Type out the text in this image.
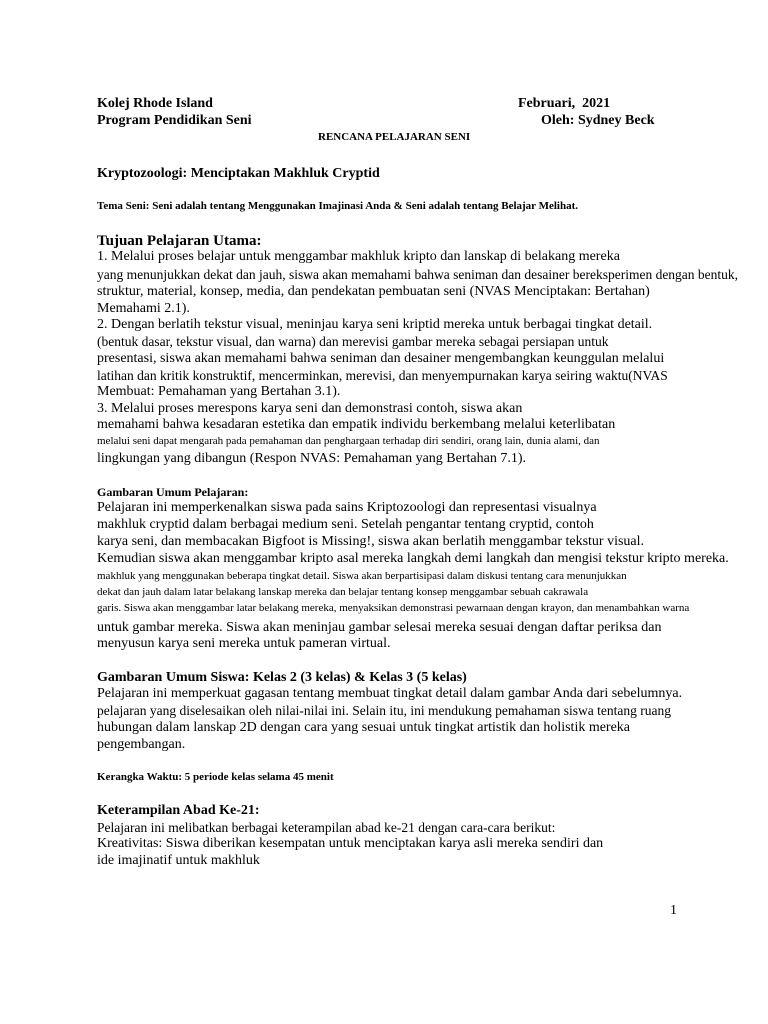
Kolej Rhode Island	Februari,  2021
Program Pendidikan Seni	Oleh: Sydney Beck
RENCANA PELAJARAN SENI
Kryptozoologi: Menciptakan Makhluk Cryptid
Tema Seni: Seni adalah tentang Menggunakan Imajinasi Anda & Seni adalah tentang Belajar Melihat.
Tujuan Pelajaran Utama:
1. Melalui proses belajar untuk menggambar makhluk kripto dan lanskap di belakang mereka
yang menunjukkan dekat dan jauh, siswa akan memahami bahwa seniman dan desainer bereksperimen dengan bentuk,
struktur, material, konsep, media, dan pendekatan pembuatan seni (NVAS Menciptakan: Bertahan)
Memahami 2.1).
2. Dengan berlatih tekstur visual, meninjau karya seni kriptid mereka untuk berbagai tingkat detail.
(bentuk dasar, tekstur visual, dan warna) dan merevisi gambar mereka sebagai persiapan untuk
presentasi, siswa akan memahami bahwa seniman dan desainer mengembangkan keunggulan melalui
latihan dan kritik konstruktif, mencerminkan, merevisi, dan menyempurnakan karya seiring waktu(NVAS
Membuat: Pemahaman yang Bertahan 3.1).
3. Melalui proses merespons karya seni dan demonstrasi contoh, siswa akan
memahami bahwa kesadaran estetika dan empatik individu berkembang melalui keterlibatan
melalui seni dapat mengarah pada pemahaman dan penghargaan terhadap diri sendiri, orang lain, dunia alami, dan
lingkungan yang dibangun (Respon NVAS: Pemahaman yang Bertahan 7.1).
Gambaran Umum Pelajaran:
Pelajaran ini memperkenalkan siswa pada sains Kriptozoologi dan representasi visualnya
makhluk cryptid dalam berbagai medium seni. Setelah pengantar tentang cryptid, contoh
karya seni, dan membacakan Bigfoot is Missing!, siswa akan berlatih menggambar tekstur visual.
Kemudian siswa akan menggambar kripto asal mereka langkah demi langkah dan mengisi tekstur kripto mereka.
makhluk yang menggunakan beberapa tingkat detail. Siswa akan berpartisipasi dalam diskusi tentang cara menunjukkan
dekat dan jauh dalam latar belakang lanskap mereka dan belajar tentang konsep menggambar sebuah cakrawala
garis. Siswa akan menggambar latar belakang mereka, menyaksikan demonstrasi pewarnaan dengan krayon, dan menambahkan warna
untuk gambar mereka. Siswa akan meninjau gambar selesai mereka sesuai dengan daftar periksa dan
menyusun karya seni mereka untuk pameran virtual.
Gambaran Umum Siswa: Kelas 2 (3 kelas) & Kelas 3 (5 kelas)
Pelajaran ini memperkuat gagasan tentang membuat tingkat detail dalam gambar Anda dari sebelumnya.
pelajaran yang diselesaikan oleh nilai-nilai ini. Selain itu, ini mendukung pemahaman siswa tentang ruang
hubungan dalam lanskap 2D dengan cara yang sesuai untuk tingkat artistik dan holistik mereka
pengembangan.
Kerangka Waktu: 5 periode kelas selama 45 menit
Keterampilan Abad Ke-21:
Pelajaran ini melibatkan berbagai keterampilan abad ke-21 dengan cara-cara berikut:
Kreativitas: Siswa diberikan kesempatan untuk menciptakan karya asli mereka sendiri dan
ide imajinatif untuk makhluk
1
